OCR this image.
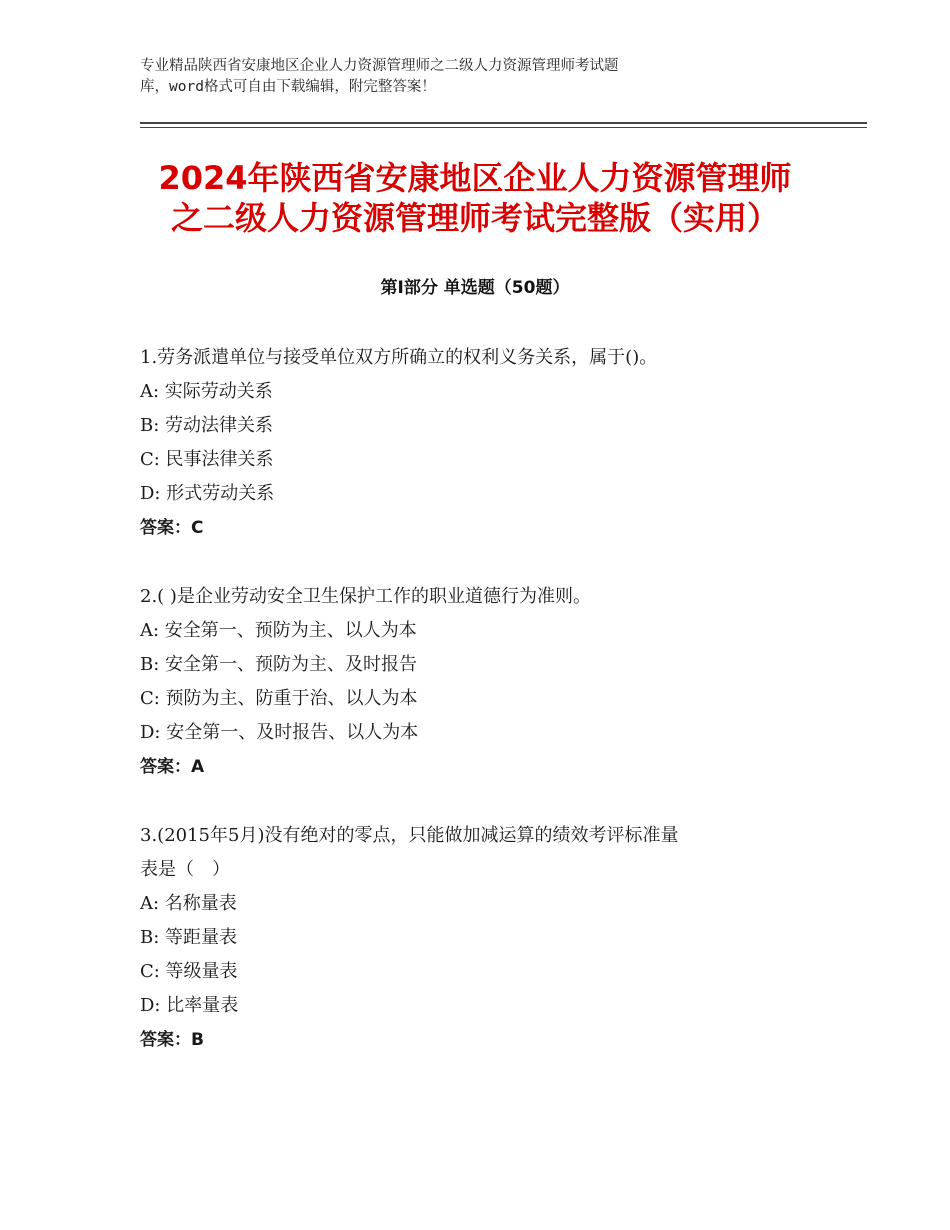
专业精品陕西省安康地区企业人力资源管理师之二级人力资源管理师考试题
库，word格式可自由下载编辑，附完整答案！
2024年陕西省安康地区企业人力资源管理师
之二级人力资源管理师考试完整版（实用）
第Ⅰ部分 单选题（50题）
1.劳务派遣单位与接受单位双方所确立的权利义务关系，属于()。
A: 实际劳动关系
B: 劳动法律关系
C: 民事法律关系
D: 形式劳动关系
答案：C
2.( )是企业劳动安全卫生保护工作的职业道德行为准则。
A: 安全第一、预防为主、以人为本
B: 安全第一、预防为主、及时报告
C: 预防为主、防重于治、以人为本
D: 安全第一、及时报告、以人为本
答案：A
3.(2015年5月)没有绝对的零点，只能做加减运算的绩效考评标准量
表是（　）
A: 名称量表
B: 等距量表
C: 等级量表
D: 比率量表
答案：B
